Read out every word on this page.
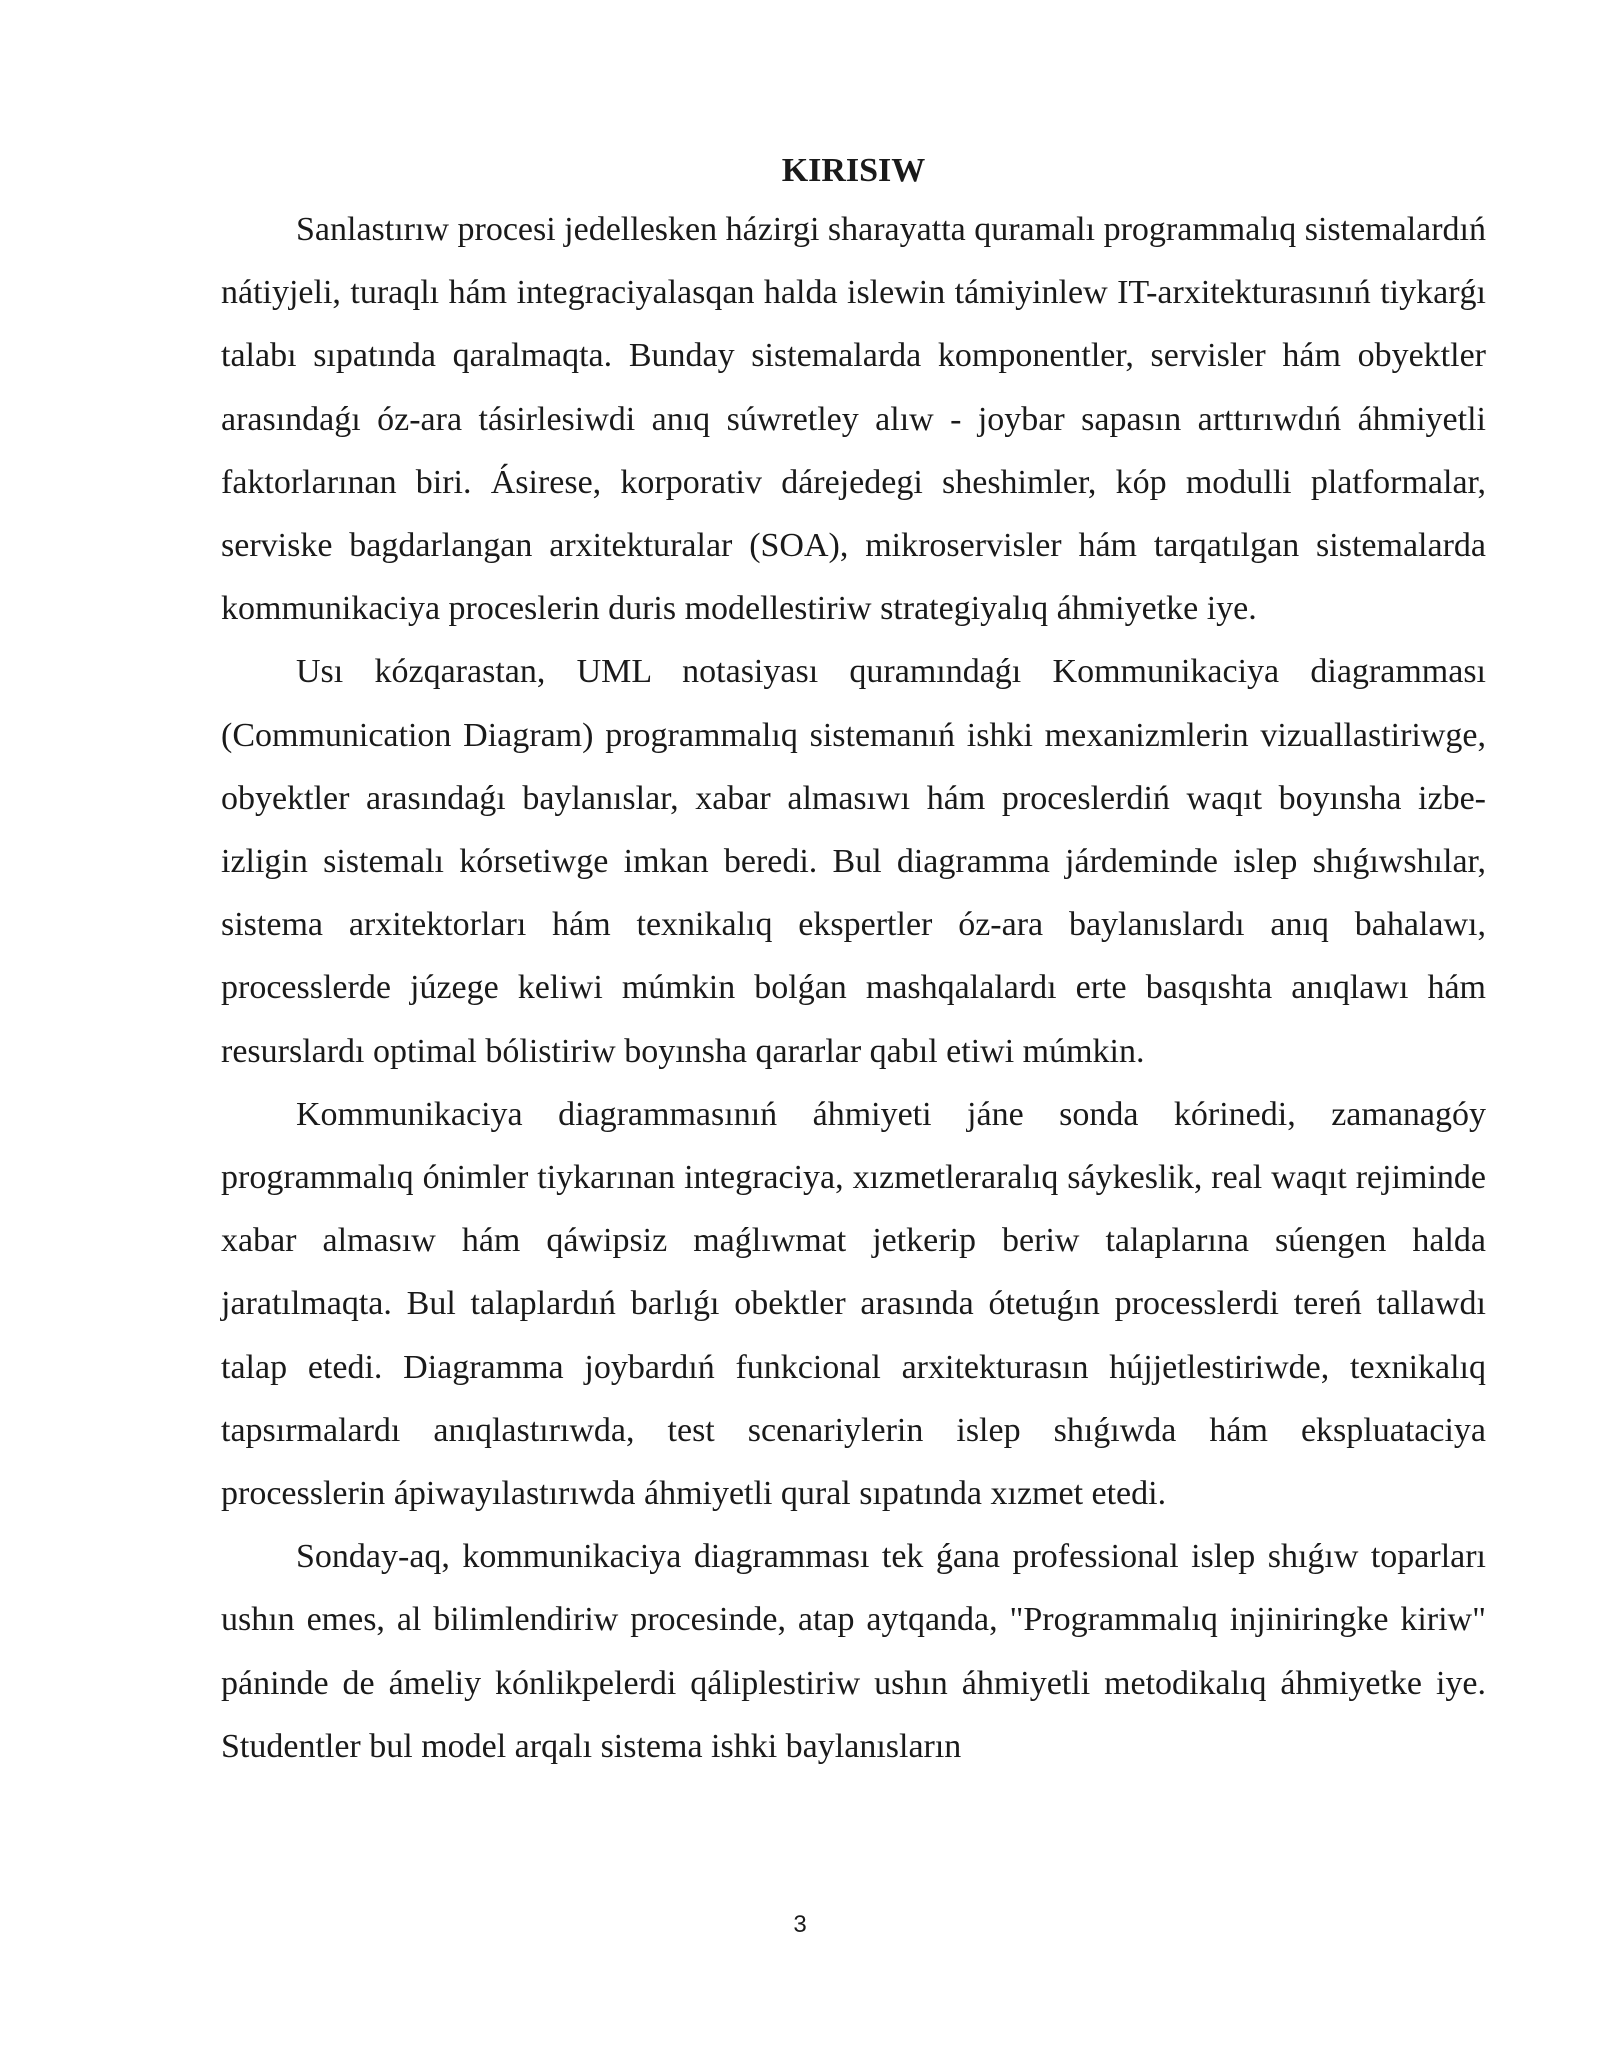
KIRISIW

Sanlastırıw procesi jedellesken házirgi sharayatta quramalı programmalıq sistemalardıń nátiyjeli, turaqlı hám integraciyalasqan halda islewin támiyinlew IT-arxitekturasınıń tiykarǵı talabı sıpatında qaralmaqta. Bunday sistemalarda komponentler, servisler hám obyektler arasındaǵı óz-ara tásirlesiwdi anıq súwretley alıw - joybar sapasın arttırıwdıń áhmiyetli faktorlarınan biri. Ásirese, korporativ dárejedegi sheshimler, kóp modulli platformalar, serviske bagdarlangan arxitekturalar (SOA), mikroservisler hám tarqatılgan sistemalarda kommunikaciya proceslerin duris modellestiriw strategiyalıq áhmiyetke iye.

Usı kózqarastan, UML notasiyası quramındaǵı Kommunikaciya diagramması (Communication Diagram) programmalıq sistemanıń ishki mexanizmlerin vizuallastiriwge, obyektler arasındaǵı baylanıslar, xabar almasıwı hám proceslerdiń waqıt boyınsha izbe-izligin sistemalı kórsetiwge imkan beredi. Bul diagramma járdeminde islep shıǵıwshılar, sistema arxitektorları hám texnikalıq ekspertler óz-ara baylanıslardı anıq bahalawı, processlerde júzege keliwi múmkin bolǵan mashqalalardı erte basqıshta anıqlawı hám resurslardı optimal bólistiriw boyınsha qararlar qabıl etiwi múmkin.

Kommunikaciya diagrammasınıń áhmiyeti jáne sonda kórinedi, zamanagóy programmalıq ónimler tiykarınan integraciya, xızmetleraralıq sáykeslik, real waqıt rejiminde xabar almasıw hám qáwipsiz maǵlıwmat jetkerip beriw talaplarına súengen halda jaratılmaqta. Bul talaplardıń barlıǵı obektler arasında ótetuǵın processlerdi tereń tallawdı talap etedi. Diagramma joybardıń funkcional arxitekturasın hújjetlestiriwde, texnikalıq tapsırmalardı anıqlastırıwda, test scenariylerin islep shıǵıwda hám ekspluataciya processlerin ápiwayılastırıwda áhmiyetli qural sıpatında xızmet etedi.

Sonday-aq, kommunikaciya diagramması tek ǵana professional islep shıǵıw toparları ushın emes, al bilimlendiriw procesinde, atap aytqanda, "Programmalıq injiniringke kiriw" páninde de ámeliy kónlikpelerdi qáliplestiriw ushın áhmiyetli metodikalıq áhmiyetke iye. Studentler bul model arqalı sistema ishki baylanısların

3
